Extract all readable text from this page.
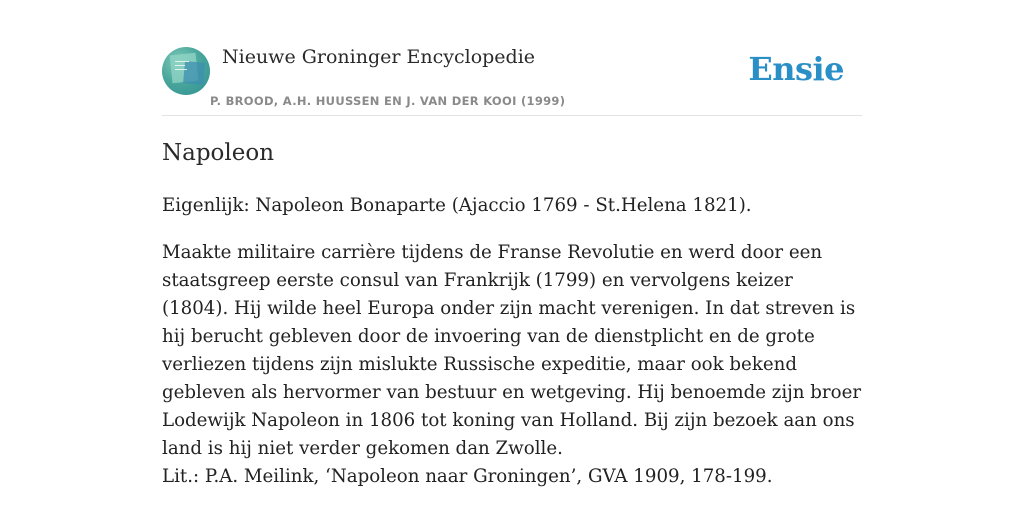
Nieuwe Groninger Encyclopedie
P. BROOD, A.H. HUUSSEN EN J. VAN DER KOOI (1999)
Ensie
Napoleon

Eigenlijk: Napoleon Bonaparte (Ajaccio 1769 - St.Helena 1821).

Maakte militaire carrière tijdens de Franse Revolutie en werd door een staatsgreep eerste consul van Frankrijk (1799) en vervolgens keizer (1804). Hij wilde heel Europa onder zijn macht verenigen. In dat streven is hij berucht gebleven door de invoering van de dienstplicht en de grote verliezen tijdens zijn mislukte Russische expeditie, maar ook bekend gebleven als hervormer van bestuur en wetgeving. Hij benoemde zijn broer Lodewijk Napoleon in 1806 tot koning van Holland. Bij zijn bezoek aan ons land is hij niet verder gekomen dan Zwolle.

Lit.: P.A. Meilink, ‘Napoleon naar Groningen’, GVA 1909, 178-199.
